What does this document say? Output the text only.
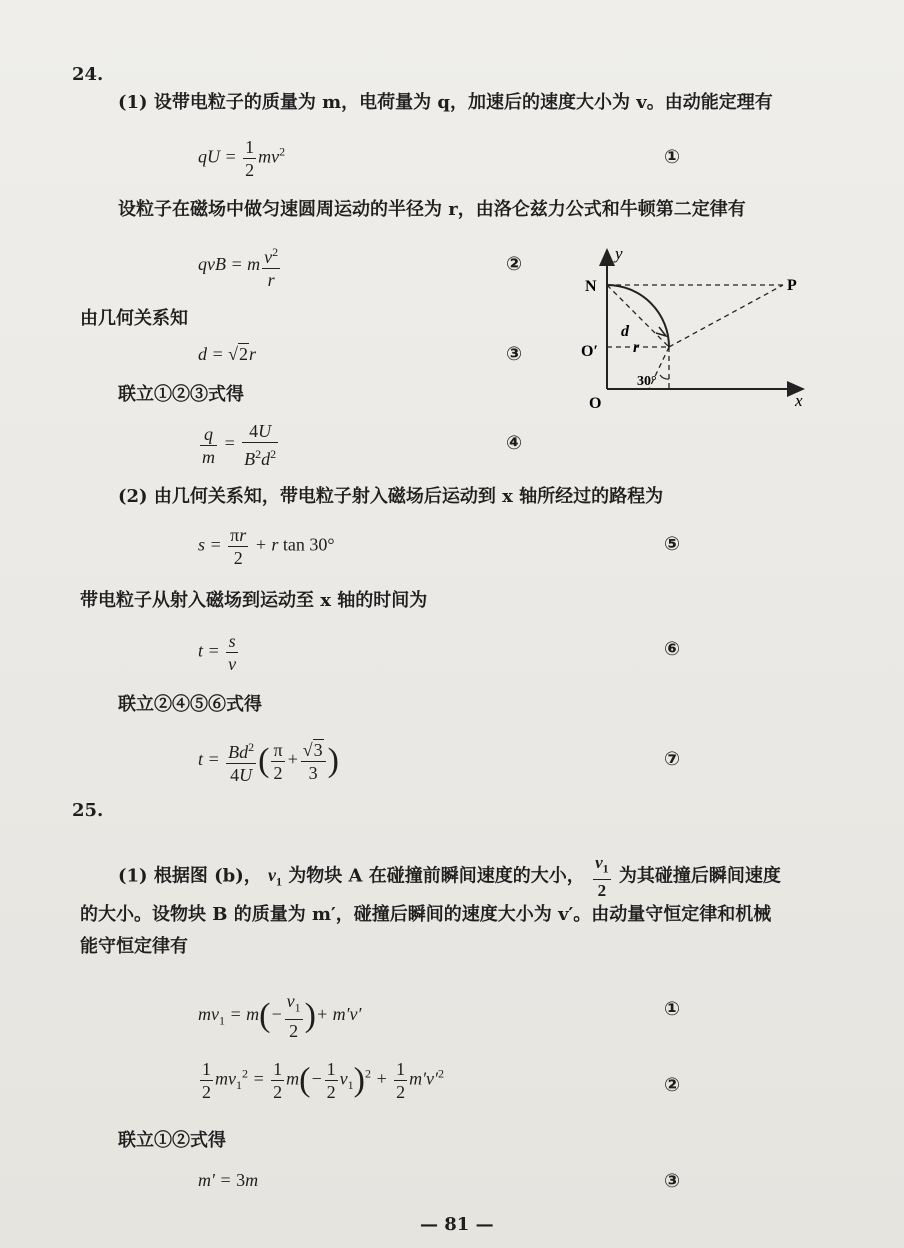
24.
(1) 设带电粒子的质量为 m，电荷量为 q，加速后的速度大小为 v。由动能定理有
qU = $\frac{1}{2} mv^2$	①
设粒子在磁场中做匀速圆周运动的半径为 r，由洛仑兹力公式和牛顿第二定律有
qvB = m $\frac{v^2}{r}$	②
由几何关系知
d = √2r	③
联立①②③式得
$\frac{q}{m} = \frac{4U}{B^2d^2}$	④
y
x
N	P
O
O′
d
r
30°
(2) 由几何关系知，带电粒子射入磁场后运动到 x 轴所经过的路程为
$s = \frac{\pi r}{2} + r$ tan 30°	⑤
带电粒子从射入磁场到运动至 x 轴的时间为
$t = \frac{s}{v}$	⑥
联立②④⑤⑥式得
$t = \frac{Bd^2}{4U}$ ( $\frac{\pi}{2} + \frac{√3}{3}$ )	⑦
25.
(1) 根据图 (b)， $v_1$ 为物块 A 在碰撞前瞬间速度的大小， $\frac{v_1}{2}$ 为其碰撞后瞬间速度
的大小。设物块 B 的质量为 m′，碰撞后瞬间的速度大小为 v′。由动量守恒定律和机械
能守恒定律有
$mv_1 = m(- \frac{v_1}{2}$ )+ m′v′	①
$\frac{1}{2} mv_1^2 = \frac{1}{2} m(- \frac{1}{2} v_1)^2 + \frac{1}{2} m'v'^2$
②
联立①②式得
m′ = 3m	③
— 81 —
